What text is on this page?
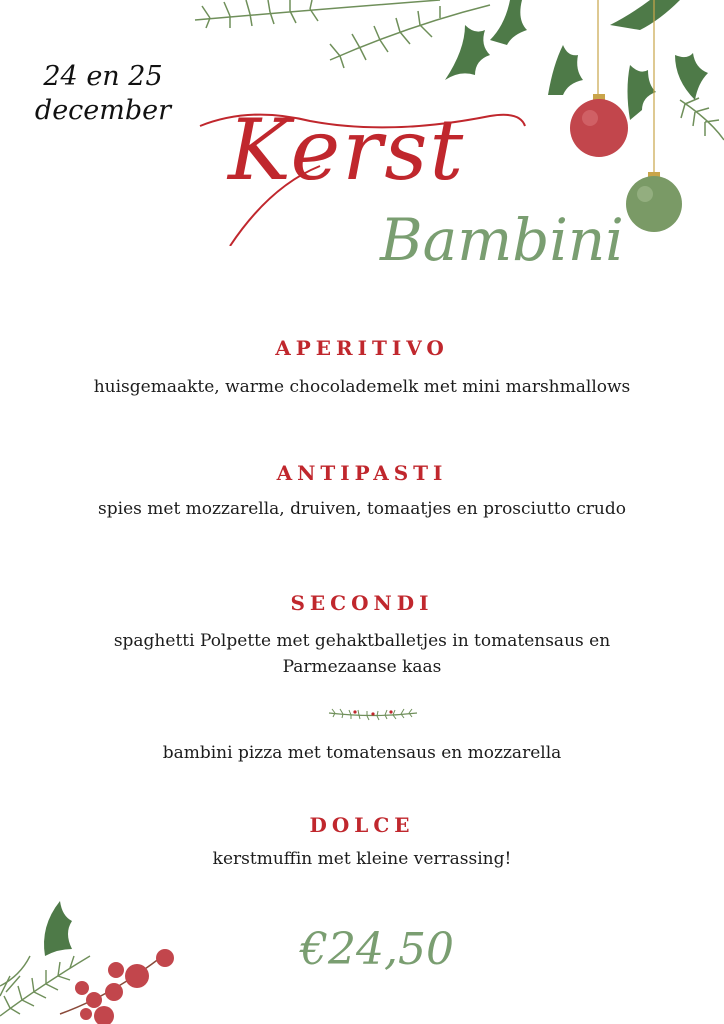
24 en 25
december Kerst
Bambini
APERITIVO
huisgemaakte, warme chocolademelk met mini marshmallows
ANTIPASTI
spies met mozzarella, druiven, tomaatjes en prosciutto crudo
SECONDI
spaghetti Polpette met gehaktballetjes in tomatensaus en
Parmezaanse kaas
bambini pizza met tomatensaus en mozzarella
DOLCE
kerstmuffin met kleine verrassing!
€24,50
